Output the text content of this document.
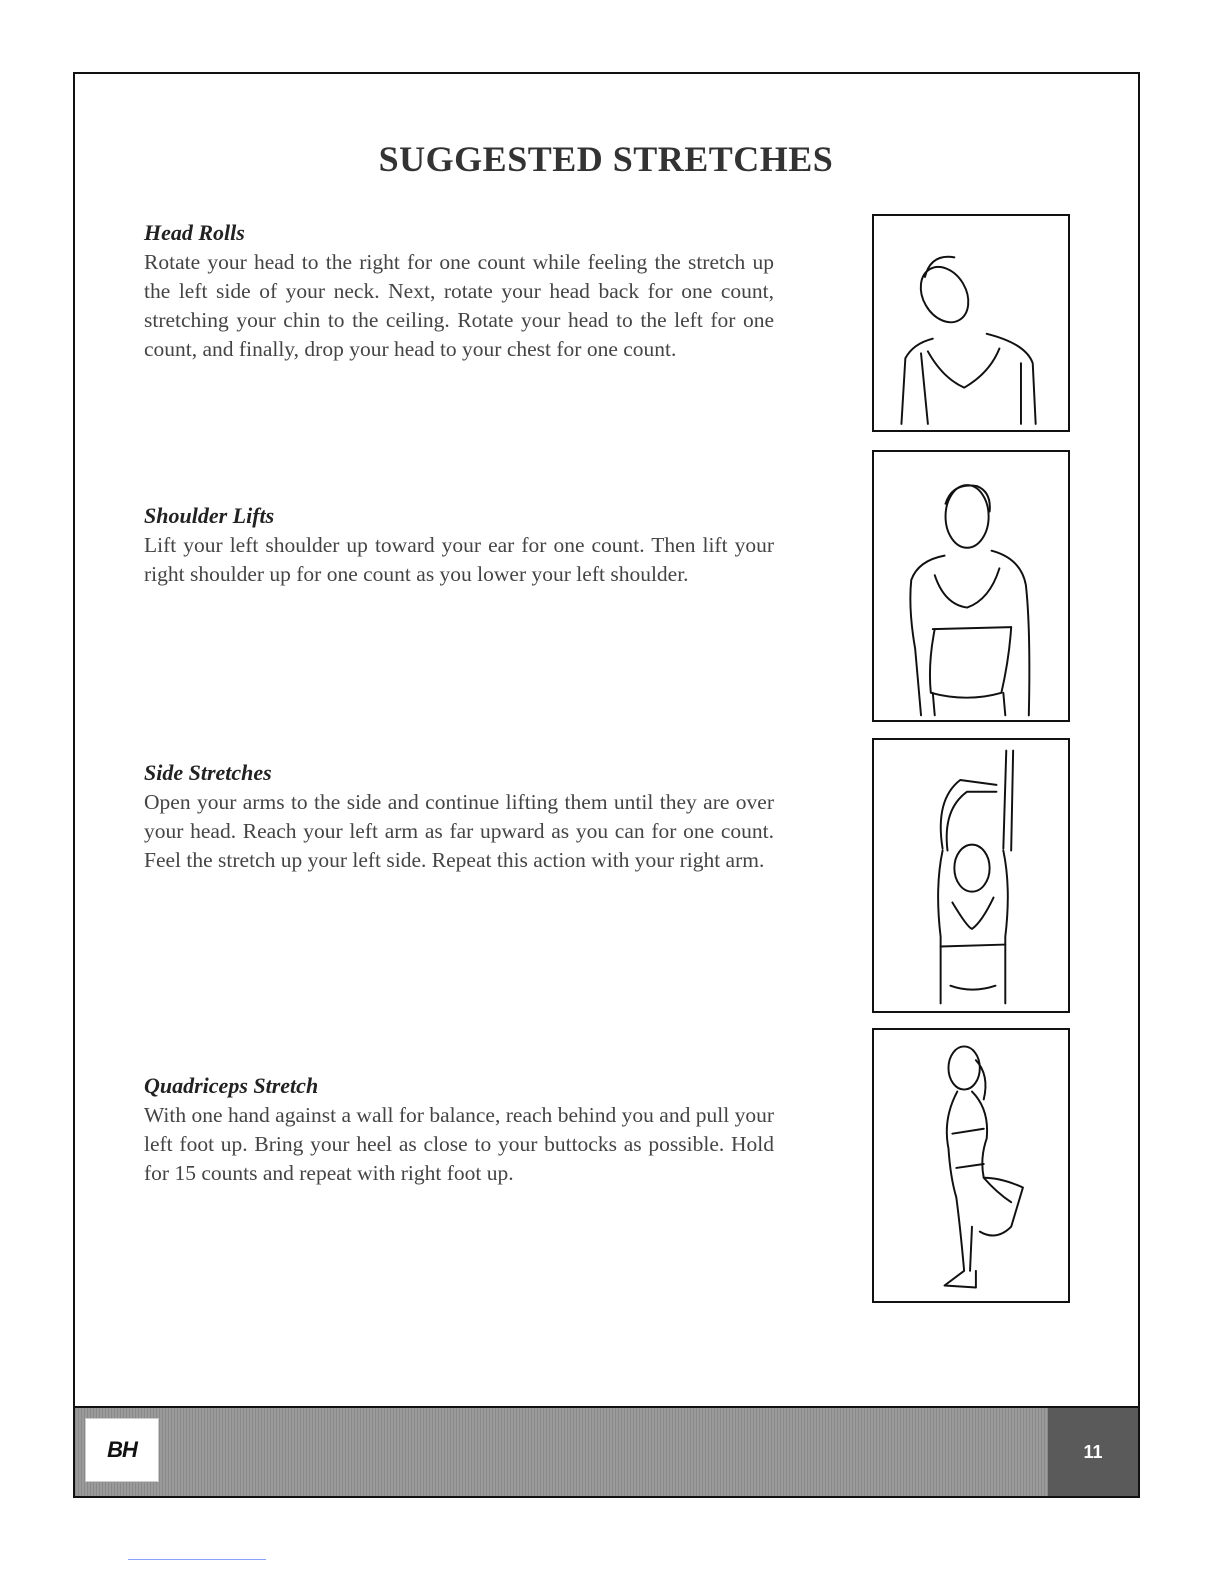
SUGGESTED STRETCHES
Head Rolls

Rotate your head to the right for one count while feeling the stretch up the left side of your neck. Next, rotate your head back for one count, stretching your chin to the ceiling. Rotate your head to the left for one count, and finally, drop your head to your chest for one count.

Shoulder Lifts

Lift your left shoulder up toward your ear for one count. Then lift your right shoulder up for one count as you lower your left shoulder.

Side Stretches

Open your arms to the side and continue lifting them until they are over your head. Reach your left arm as far upward as you can for one count. Feel the stretch up your left side. Repeat this action with your right arm.

Quadriceps Stretch

With one hand against a wall for balance, reach behind you and pull your left foot up. Bring your heel as close to your buttocks as possible. Hold for 15 counts and repeat with right foot up.

BH	11
